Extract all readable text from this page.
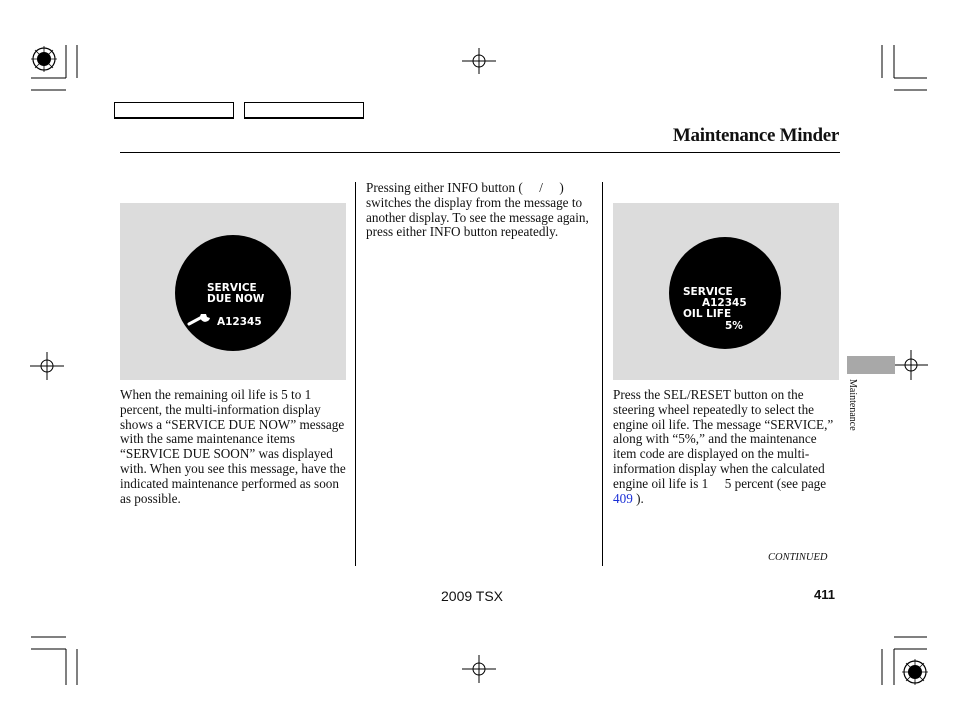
Maintenance Minder
SERVICE
DUE NOW
A12345
When the remaining oil life is 5 to 1 percent, the multi-information display shows a “SERVICE DUE NOW” message with the same maintenance items “SERVICE DUE SOON” was displayed with. When you see this message, have the indicated maintenance performed as soon as possible.
Pressing either INFO button (  /  ) switches the display from the message to another display. To see the message again, press either INFO button repeatedly.
SERVICE
A12345
OIL LIFE
5%
Press the SEL/RESET button on the steering wheel repeatedly to select the engine oil life. The message “SERVICE,” along with “5%,” and the maintenance item code are displayed on the multi-information display when the calculated engine oil life is 1  5 percent (see page 409 ).
Maintenance
CONTINUED
2009 TSX	411
